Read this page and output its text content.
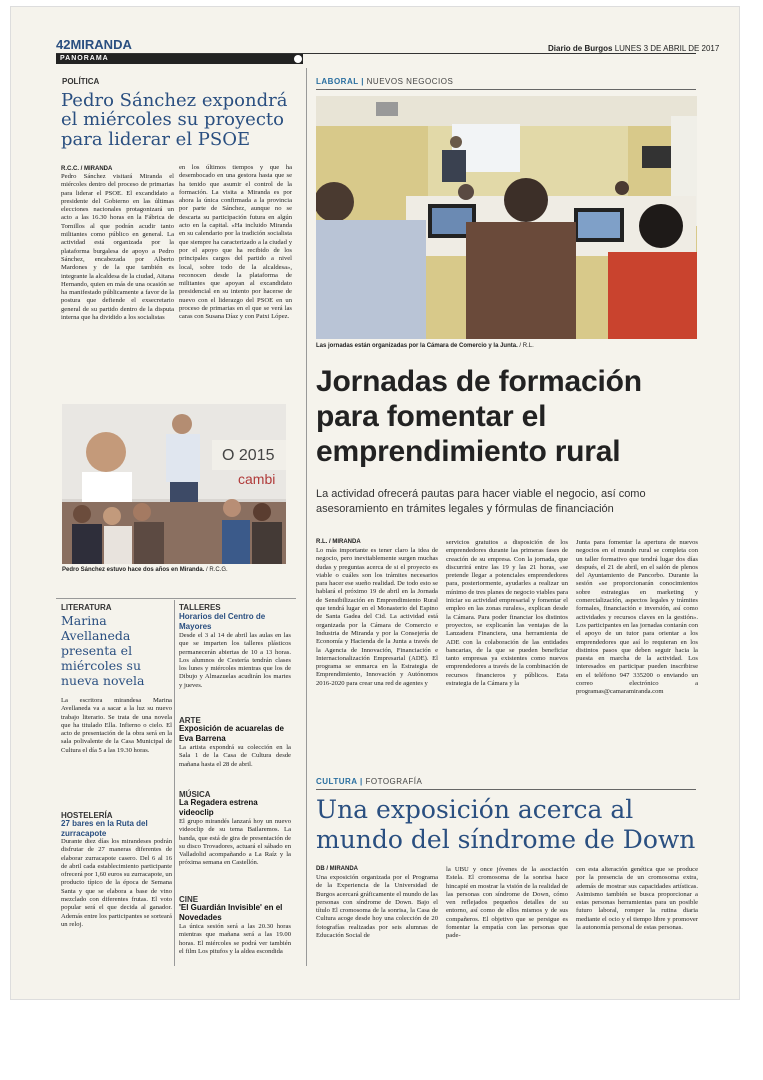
42MIRANDA	Diario de Burgos LUNES 3 DE ABRIL DE 2017
PANORAMA
POLÍTICA
Pedro Sánchez expondrá el miércoles su proyecto para liderar el PSOE
R.C.C. / MIRANDA
Pedro Sánchez visitará Miranda el miércoles dentro del proceso de primarias para liderar el PSOE. El excandidato a presidente del Gobierno en las últimas elecciones nacionales protagonizará un acto a las 16.30 horas en la Fábrica de Tornillos al que podrán acudir tanto militantes como público en general. La actividad está organizada por la plataforma burgalesa de apoyo a Pedro Sánchez, encabezada por Alberto Mardones y de la que también es integrante la alcaldesa de la ciudad, Aitana Hernando, quien en más de una ocasión se ha manifestado públicamente a favor de la postura que defiende el exsecretario general de su partido dentro de la disputa interna que ha dividido a los socialistas
en los últimos tiempos y que ha desembocado en una gestora hasta que se ha tenido que asumir el control de la formación. La visita a Miranda es por ahora la única confirmada a la provincia por parte de Sánchez, aunque no se descarta su participación futura en algún acto en la capital. «Ha incluido Miranda en su calendario por la tradición socialista que siempre ha caracterizado a la ciudad y por el apoyo que ha recibido de los principales cargos del partido a nivel local, sobre todo de la alcaldesa», reconocen desde la plataforma de militantes que apoyan al excandidato presidencial en su intento por hacerse de nuevo con el liderazgo del PSOE en un proceso de primarias en el que se verá las caras con Susana Díaz y con Patxi López.
O 2015
cambi
Pedro Sánchez estuvo hace dos años en Miranda. / R.C.G.
LITERATURA
Marina Avellaneda presenta el miércoles su nueva novela
La escritora mirandesa Marina Avellaneda va a sacar a la luz su nuevo trabajo literario. Se trata de una novela que ha titulado Ella. Infierno o cielo. El acto de presentación de la obra será en la sala polivalente de la Casa Municipal de Cultura el día 5 a las 19.30 horas.
HOSTELERÍA
27 bares en la Ruta del zurracapote
Durante diez días los mirandeses podrán disfrutar de 27 maneras diferentes de elaborar zurracapote casero. Del 6 al 16 de abril cada establecimiento participante ofrecerá por 1,60 euros su zurracapote, un producto típico de la época de Semana Santa y que se elabora a base de vino mezclado con diferentes frutas. El voto popular será el que decida al ganador. Además entre los participantes se sorteará un reloj.
TALLERES
Horarios del Centro de Mayores
Desde el 3 al 14 de abril las aulas en las que se imparten los talleres plásticos permanecerán abiertas de 10 a 13 horas. Los alumnos de Cestería tendrán clases los lunes y miércoles mientras que los de Dibujo y Almazuelas acudirán los martes y jueves.
ARTE
Exposición de acuarelas de Eva Barrena
La artista expondrá su colección en la Sala 1 de la Casa de Cultura desde mañana hasta el 28 de abril.
MÚSICA
La Regadera estrena videoclip
El grupo mirandés lanzará hoy un nuevo videoclip de su tema Bailaremos. La banda, que está de gira de presentación de su disco Trovadores, actuará el sábado en Valladolid acompañando a La Raíz y la próxima semana en Castellón.
CINE
'El Guardián Invisible' en el Novedades
La única sesión será a las 20.30 horas mientras que mañana será a las 19.00 horas. El miércoles se podrá ver también el film Los pitufos y la aldea escondida
LABORAL | NUEVOS NEGOCIOS
Las jornadas están organizadas por la Cámara de Comercio y la Junta. / R.L.
Jornadas de formación para fomentar el emprendimiento rural
La actividad ofrecerá pautas para hacer viable el negocio, así como asesoramiento en trámites legales y fórmulas de financiación
R.L. / MIRANDA
Lo más importante es tener claro la idea de negocio, pero inevitablemente surgen muchas dudas y preguntas acerca de si el proyecto es viable o cuáles son los trámites necesarios para hacer ese sueño realidad. De todo esto se hablará el próximo 19 de abril en la Jornada de Sensibilización en Emprendimiento Rural que tendrá lugar en el Monasterio del Espino de Santa Gadea del Cid. La actividad está organizada por la Cámara de Comercio e Industria de Miranda y por la Consejería de Economía y Hacienda de la Junta a través de la Agencia de Innovación, Financiación e Internacionalización Empresarial (ADE). El programa se enmarca en la Estrategia de Emprendimiento, Innovación y Autónomos 2016-2020 para crear una red de agentes y
servicios gratuitos a disposición de los emprendedores durante las primeras fases de creación de su empresa. Con la jornada, que discurrirá entre las 19 y las 21 horas, «se pretende llegar a potenciales emprendedores para, posteriormente, ayudarles a realizar un mínimo de tres planes de negocio viables para iniciar su actividad empresarial y fomentar el empleo en las zonas rurales», explican desde la Cámara. Para poder financiar los distintos proyectos, se explicarán las ventajas de la Lanzadera Financiera, una herramienta de ADE con la colaboración de las entidades bancarias, de la que se pueden beneficiar tanto empresas ya existentes como nuevos emprendedores a través de la combinación de recursos financieros y públicos. Esta estrategia de la Cámara y la
Junta para fomentar la apertura de nuevos negocios en el mundo rural se completa con un taller formativo que tendrá lugar dos días después, el 21 de abril, en el salón de plenos del Ayuntamiento de Pancorbo. Durante la sesión «se proporcionarán conocimientos sobre estrategias en marketing y comercialización, aspectos legales y trámites formales, financiación e inversión, así como actividades y recursos claves en la gestión». Los participantes en las jornadas contarán con el apoyo de un tutor para orientar a los emprendedores que así lo requieran en los distintos pasos que deben seguir hacia la puesta en marcha de la actividad. Los interesados en participar pueden inscribirse en el teléfono 947 335200 o enviando un correo electrónico a programas@camaramiranda.com
CULTURA | FOTOGRAFÍA
Una exposición acerca al mundo del síndrome de Down
DB / MIRANDA
Una exposición organizada por el Programa de la Experiencia de la Universidad de Burgos acercará gráficamente el mundo de las personas con síndrome de Down. Bajo el título El cromosoma de la sonrisa, la Casa de Cultura acoge desde hoy una colección de 20 fotografías realizadas por seis alumnas de Educación Social de
la UBU y once jóvenes de la asociación Estela. El cromosoma de la sonrisa hace hincapié en mostrar la visión de la realidad de las personas con síndrome de Down, cómo ven reflejados pequeños detalles de su entorno, así como de ellos mismos y de sus compañeros. El objetivo que se persigue es fomentar la empatía con las personas que pade-
cen esta alteración genética que se produce por la presencia de un cromosoma extra, además de mostrar sus capacidades artísticas. Asimismo también se busca proporcionar a estas personas herramientas para un posible futuro laboral, romper la rutina diaria mediante el ocio y el tiempo libre y promover la autonomía personal de estas personas.
